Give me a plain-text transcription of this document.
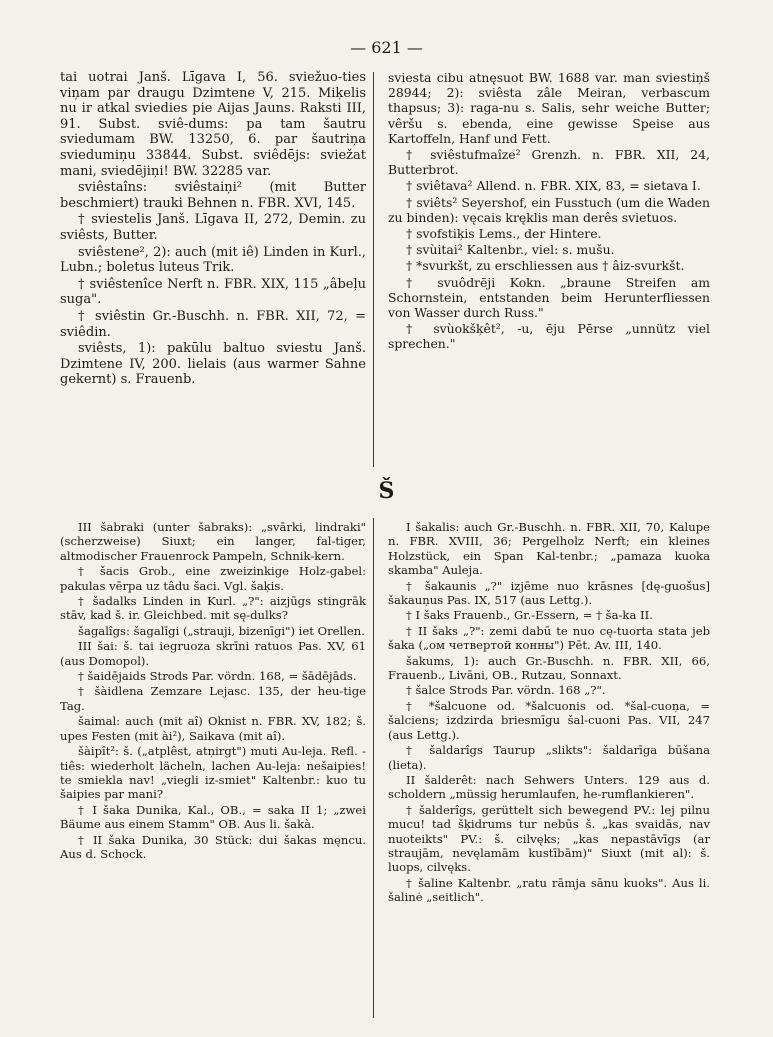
— 621 —

tai uotrai Janš. Līgava I, 56. sviežuo-ties viņam par draugu Dzimtene V, 215. Miķelis nu ir atkal sviedies pie Aijas Jauns. Raksti III, 91. Subst. sviê-dums: pa tam šautru sviedumam BW. 13250, 6. par šautriņa sviedumiņu 33844. Subst. sviêdējs: sviežat mani, sviedējiņi! BW. 32285 var.

sviêstaîns: sviêstaiņi² (mit Butter beschmiert) trauki Behnen n. FBR. XVI, 145.

† sviestelis Janš. Līgava II, 272, Demin. zu sviêsts, Butter.

sviêstene², 2): auch (mit iê) Linden in Kurl., Lubn.; boletus luteus Trik.

† sviêstenîce Nerft n. FBR. XIX, 115 „âbeļu suga".

† sviêstin Gr.-Buschh. n. FBR. XII, 72, = sviêdin.

sviêsts, 1): pakūlu baltuo sviestu Janš. Dzimtene IV, 200. lielais (aus warmer Sahne gekernt) s. Frauenb.

sviesta cibu atnęsuot BW. 1688 var. man sviestiņš 28944; 2): sviêsta zâle Meiran, verbascum thapsus; 3): raga-nu s. Salis, sehr weiche Butter; vêršu s. ebenda, eine gewisse Speise aus Kartoffeln, Hanf und Fett.

† sviêstufmaîze² Grenzh. n. FBR. XII, 24, Butterbrot.

† sviêtava² Allend. n. FBR. XIX, 83, = sietava I.

† sviêts² Seyershof, ein Fusstuch (um die Waden zu binden): vęcais kręklis man derês svietuos.

† svofstiķis Lems., der Hintere.

† svùitai² Kaltenbr., viel: s. mušu.

† *svurkšt, zu erschliessen aus † âiz-svurkšt.

† svuôdrēji Kokn. „braune Streifen am Schornstein, entstanden beim Herunterfliessen von Wasser durch Russ."

† svùokšķêt², -u, ēju Pērse „unnütz viel sprechen."

Š

III šabraki (unter šabraks): „svārki, lindraki" (scherzweise) Siuxt; ein langer, fal-tiger, altmodischer Frauenrock Pampeln, Schnik-kern.

† šacis Grob., eine zweizinkige Holz-gabel: pakulas vērpa uz tâdu šaci. Vgl. šaķis.

† šadalks Linden in Kurl. „?": aizjūgs stingrāk stāv, kad š. ir. Gleichbed. mit sę-dulks?

šagalîgs: šagalīgi („strauji, bizenīgi") iet Orellen.

III šai: š. tai iegruoza skrīni ratuos Pas. XV, 61 (aus Domopol).

† šaidējaids Strods Par. vördn. 168, = šādējāds.

† šàidlena Zemzare Lejasc. 135, der heu-tige Tag.

šaimal: auch (mit aî) Oknist n. FBR. XV, 182; š. upes Festen (mit ài²), Saikava (mit aî).

šàipît²: š. („atplêst, atņirgt") muti Au-leja. Refl. -tiês: wiederholt lächeln, lachen Au-leja: nešaipies! te smiekla nav! „viegli iz-smiet" Kaltenbr.: kuo tu šaipies par mani?

† I šaka Dunika, Kal., OB., = saka II 1; „zwei Bäume aus einem Stamm" OB. Aus li. šakà.

† II šaka Dunika, 30 Stück: dui šakas męncu. Aus d. Schock.

I šakalis: auch Gr.-Buschh. n. FBR. XII, 70, Kalupe n. FBR. XVIII, 36; Pergelholz Nerft; ein kleines Holzstück, ein Span Kal-tenbr.; „pamaza kuoka skamba" Auleja.

† šakaunis „?" izjēme nuo krāsnes [dę-guošus] šakauņus Pas. IX, 517 (aus Lettg.).

† I šaks Frauenb., Gr.-Essern, = † ša-ka II.

† II šaks „?": zemi dabū te nuo cę-tuorta stata jeb šaka („ом четвертой конны") Pēt. Av. III, 140.

šakums, 1): auch Gr.-Buschh. n. FBR. XII, 66, Frauenb., Livāni, OB., Rutzau, Sonnaxt.

† šalce Strods Par. vördn. 168 „?".

† *šalcuone od. *šalcuonis od. *šal-cuoņa, = šalciens; izdzirda briesmīgu šal-cuoni Pas. VII, 247 (aus Lettg.).

† šaldarîgs Taurup „slikts": šaldarīga būšana (lieta).

II šalderêt: nach Sehwers Unters. 129 aus d. scholdern „müssig herumlaufen, he-rumflankieren".

† šalderîgs, gerüttelt sich bewegend PV.: lej pilnu mucu! tad šķidrums tur nebūs š. „kas svaidās, nav nuoteikts" PV.: š. cilvęks; „kas nepastāvīgs (ar straujām, nevęlamām kustībām)" Siuxt (mit al): š. luops, cilvęks.

† šaline Kaltenbr. „ratu rāmja sānu kuoks". Aus li. šalinė „seitlich".
